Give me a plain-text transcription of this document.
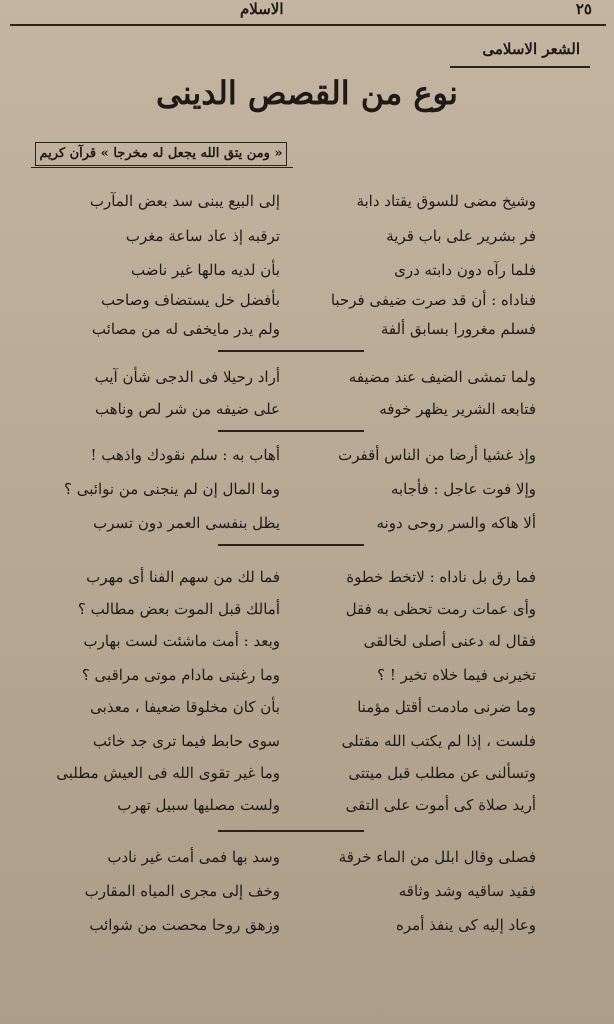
٢٥
الاسلام
الشعر الاسلامى
نوع من القصص الدينى
« ومن يتق الله يجعل له مخرجا » قرآن كريم
وشيخ مضى للسوق يقتاد دابة
إلى البيع يبنى سد بعض المآرب
فر بشرير على باب قرية
ترقبه إذ عاد ساعة مغرب
فلما رآه دون دابته درى
بأن لديه مالها غير ناضب
فناداه : أن قد صرت ضيفى فرحبا
بأفضل خل يستضاف وصاحب
فسلم مغرورا بسابق ألفة
ولم يدر مايخفى له من مصائب
ولما تمشى الضيف عند مضيفه
أراد رحيلا فى الدجى شأن آيب
فتابعه الشرير يظهر خوفه
على ضيفه من شر لص وناهب
وإذ غشيا أرضا من الناس أقفرت
أهاب به : سلم نقودك واذهب !
وإلا فوت عاجل : فأجابه
وما المال إن لم ينجنى من نوائبى ؟
ألا هاكه والسر روحى دونه
يظل بنفسى العمر دون تسرب
فما رق بل ناداه : لاتخط خطوة
فما لك من سهم الفنا أى مهرب
وأى عمات رمت تحظى به فقل
أمالك قبل الموت بعض مطالب ؟
فقال له دعنى أصلى لخالقى
وبعد : أمت ماشئت لست بهارب
تخيرنى فيما خلاه تخير ! ؟
وما رغبتى مادام موتى مراقبى ؟
وما ضرنى مادمت أقتل مؤمنا
بأن كان مخلوقا ضعيفا ، معذبى
فلست ، إذا لم يكتب الله مقتلى
سوى حابط فيما ترى جد خائب
وتسألنى عن مطلب قبل ميتتى
وما غير تقوى الله فى العيش مطلبى
أريد صلاة كى أموت على التقى
ولست مصليها سبيل تهرب
فصلى وقال ابلل من الماء خرقة
وسد بها فمى أمت غير نادب
فقيد ساقيه وشد وثاقه
وخف إلى مجرى المياه المقارب
وعاد إليه كى ينفذ أمره
وزهق روحا محصت من شوائب
